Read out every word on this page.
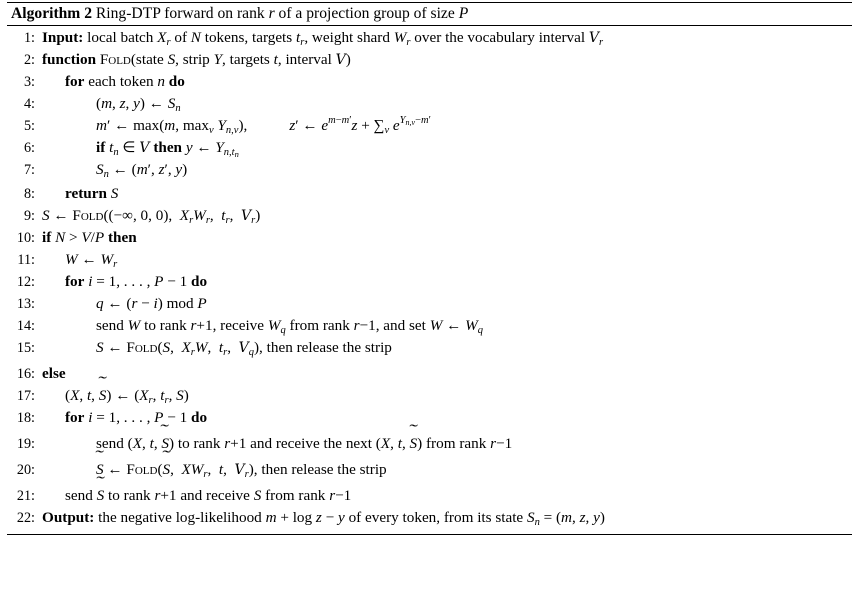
Algorithm 2 Ring-DTP forward on rank r of a projection group of size P
1: Input: local batch $X_r$ of N tokens, targets $t_r$, weight shard $W_r$ over the vocabulary interval $V_r$
2: function Fold(state S, strip Y, targets t, interval V)
3: for each token n do
4:	(m, z, y) ← $S_n$
5:	m′ ← max(m, $\max_v Y_{n,v}$),	z′ ← $e^{m-m'}z + \sum_v$ $e^{Y_{n,v}-m'}$
6:	if $t_n$ ∈ V then y ← $Y_{n,t_n}$
7:	$S_n$ ← (m′, z′, y)
8: return S
9: S ← Fold((−∞, 0, 0),  $X_rW_r$,  $t_r$,  $V_r$)
10: if N > V/P then
11: W ← $W_r$
12: for i = 1, . . . , P − 1 do
13:	q ← (r − i) mod P
14:	send W to rank r+1, receive $W_q$ from rank r−1, and set W ← $W_q$
15:	S ← Fold(S,  $X_rW$,  $t_r$,  $V_q$), then release the strip
16: else
17: (X, t, ˜ S) ← ($X_r$, $t_r$, S)
18: for i = 1, . . . , P − 1 do
19:	send (X, t, ˜ S) to rank r+1 and receive the next (X, t, ˜ S) from rank r−1
20:
˜	S ← Fold(˜ S,  $XW_r$,  t,  $V_r$), then release the strip
21: send ˜ S to rank r+1 and receive S from rank r−1
22: Output: the negative log-likelihood m + log z − y of every token, from its state $S_n = (m$, z, y)
